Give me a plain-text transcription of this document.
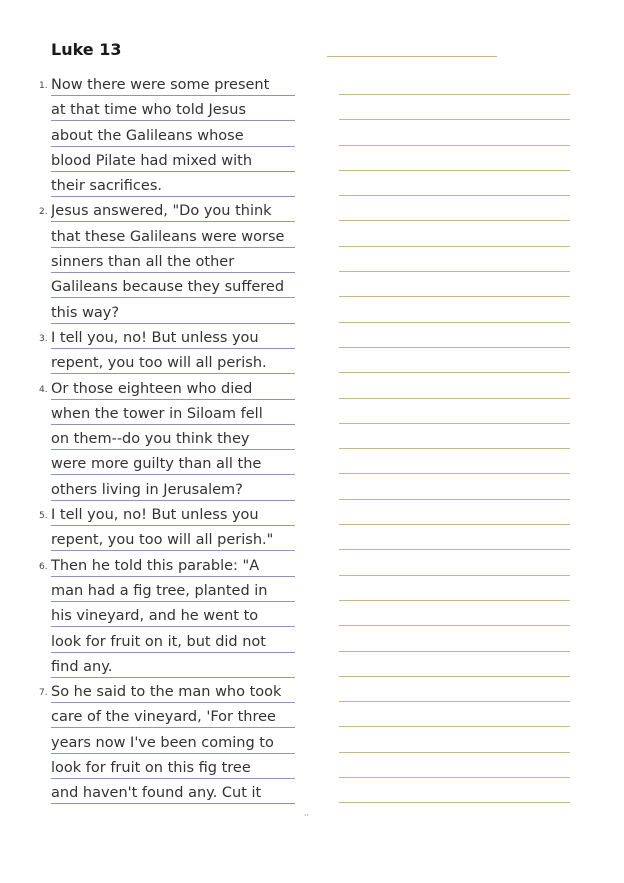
Luke 13
1. Now there were some present
at that time who told Jesus
about the Galileans whose
blood Pilate had mixed with
their sacrifices.
2. Jesus answered, "Do you think
that these Galileans were worse
sinners than all the other
Galileans because they suffered
this way?
3. I tell you, no! But unless you
repent, you too will all perish.
4. Or those eighteen who died
when the tower in Siloam fell
on them--do you think they
were more guilty than all the
others living in Jerusalem?
5. I tell you, no! But unless you
repent, you too will all perish."
6. Then he told this parable: "A
man had a fig tree, planted in
his vineyard, and he went to
look for fruit on it, but did not
find any.
7. So he said to the man who took
care of the vineyard, 'For three
years now I've been coming to
look for fruit on this fig tree
and haven't found any. Cut it
··
